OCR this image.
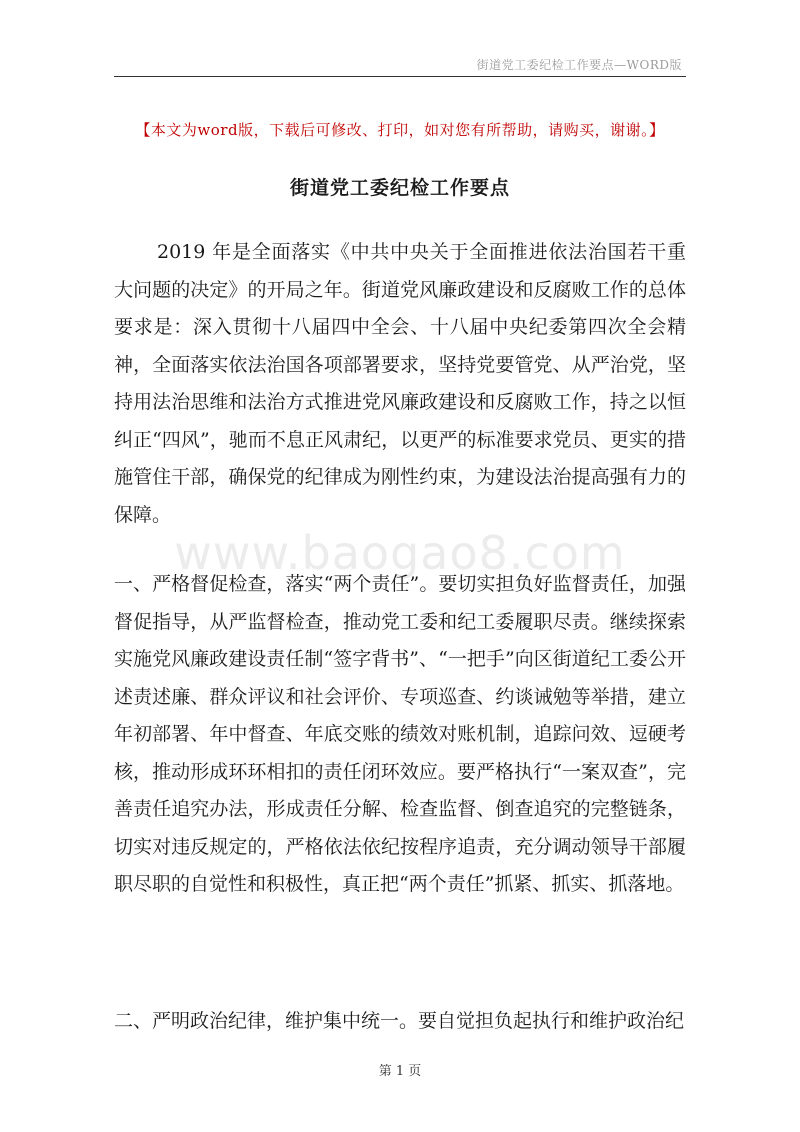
街道党工委纪检工作要点—WORD版
【本文为word版，下载后可修改、打印，如对您有所帮助，请购买，谢谢。】
街道党工委纪检工作要点

2019 年是全面落实《中共中央关于全面推进依法治国若干重大问题的决定》的开局之年。街道党风廉政建设和反腐败工作的总体要求是：深入贯彻十八届四中全会、十八届中央纪委第四次全会精神，全面落实依法治国各项部署要求，坚持党要管党、从严治党，坚持用法治思维和法治方式推进党风廉政建设和反腐败工作，持之以恒纠正“四风”，驰而不息正风肃纪，以更严的标准要求党员、更实的措施管住干部，确保党的纪律成为刚性约束，为建设法治提高强有力的保障。

www.baogao8.com

一、严格督促检查，落实“两个责任”。要切实担负好监督责任，加强督促指导，从严监督检查，推动党工委和纪工委履职尽责。继续探索实施党风廉政建设责任制“签字背书”、“一把手”向区街道纪工委公开述责述廉、群众评议和社会评价、专项巡查、约谈诫勉等举措，建立年初部署、年中督查、年底交账的绩效对账机制，追踪问效、逗硬考核，推动形成环环相扣的责任闭环效应。要严格执行“一案双查”，完善责任追究办法，形成责任分解、检查监督、倒查追究的完整链条，切实对违反规定的，严格依法依纪按程序追责，充分调动领导干部履职尽职的自觉性和积极性，真正把“两个责任”抓紧、抓实、抓落地。

二、严明政治纪律，维护集中统一。要自觉担负起执行和维护政治纪

第 1 页
